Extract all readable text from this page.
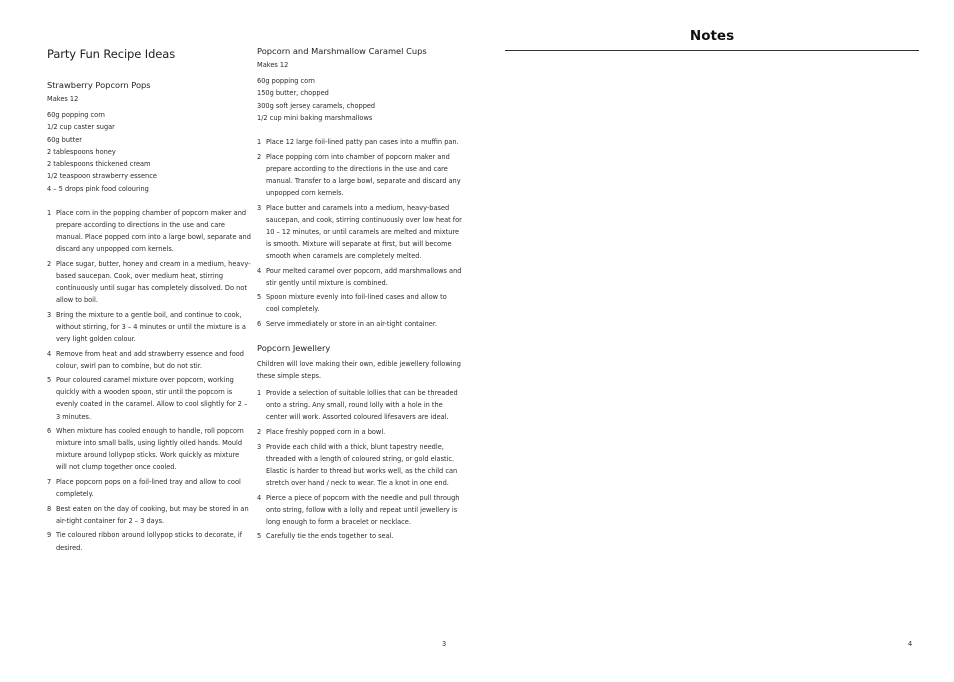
Party Fun Recipe Ideas
Strawberry Popcorn Pops
Makes 12
60g popping corn
1/2 cup caster sugar
60g butter
2 tablespoons honey
2 tablespoons thickened cream
1/2 teaspoon strawberry essence
4 – 5 drops pink food colouring
1 Place corn in the popping chamber of popcorn maker and prepare according to directions in the use and care manual. Place popped corn into a large bowl, separate and discard any unpopped corn kernels.
2 Place sugar, butter, honey and cream in a medium, heavy-based saucepan. Cook, over medium heat, stirring continuously until sugar has completely dissolved. Do not allow to boil.
3 Bring the mixture to a gentle boil, and continue to cook, without stirring, for 3 – 4 minutes or until the mixture is a very light golden colour.
4 Remove from heat and add strawberry essence and food colour, swirl pan to combine, but do not stir.
5 Pour coloured caramel mixture over popcorn, working quickly with a wooden spoon, stir until the popcorn is evenly coated in the caramel. Allow to cool slightly for 2 – 3 minutes.
6 When mixture has cooled enough to handle, roll popcorn mixture into small balls, using lightly oiled hands. Mould mixture around lollypop sticks. Work quickly as mixture will not clump together once cooled.
7 Place popcorn pops on a foil-lined tray and allow to cool completely.
8 Best eaten on the day of cooking, but may be stored in an air-tight container for 2 – 3 days.
9 Tie coloured ribbon around lollypop sticks to decorate, if desired.
Popcorn and Marshmallow Caramel Cups
Makes 12
60g popping corn
150g butter, chopped
300g soft jersey caramels, chopped
1/2 cup mini baking marshmallows
1 Place 12 large foil-lined patty pan cases into a muffin pan.
2 Place popping corn into chamber of popcorn maker and prepare according to the directions in the use and care manual. Transfer to a large bowl, separate and discard any unpopped corn kernels.
3 Place butter and caramels into a medium, heavy-based saucepan, and cook, stirring continuously over low heat for 10 – 12 minutes, or until caramels are melted and mixture is smooth. Mixture will separate at first, but will become smooth when caramels are completely melted.
4 Pour melted caramel over popcorn, add marshmallows and stir gently until mixture is combined.
5 Spoon mixture evenly into foil-lined cases and allow to cool completely.
6 Serve immediately or store in an air-tight container.
Popcorn Jewellery
Children will love making their own, edible jewellery following these simple steps.
1 Provide a selection of suitable lollies that can be threaded onto a string. Any small, round lolly with a hole in the center will work. Assorted coloured lifesavers are ideal.
2 Place freshly popped corn in a bowl.
3 Provide each child with a thick, blunt tapestry needle, threaded with a length of coloured string, or gold elastic. Elastic is harder to thread but works well, as the child can stretch over hand / neck to wear. Tie a knot in one end.
4 Pierce a piece of popcorn with the needle and pull through onto string, follow with a lolly and repeat until jewellery is long enough to form a bracelet or necklace.
5 Carefully tie the ends together to seal.
3
Notes
4
